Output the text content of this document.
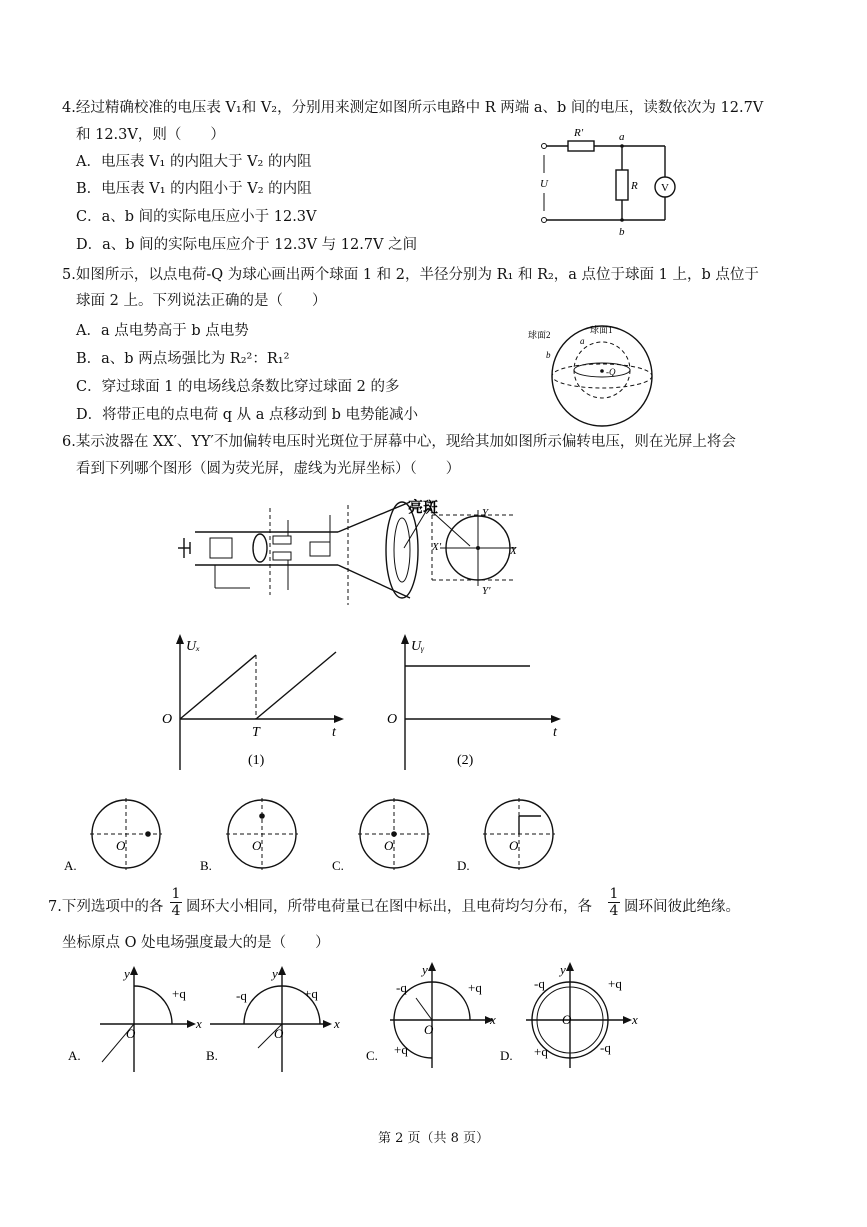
4.经过精确校准的电压表 V₁和 V₂，分别用来测定如图所示电路中 R 两端 a、b 间的电压，读数依次为 12.7V
和 12.3V，则（　　）
A．电压表 V₁ 的内阻大于 V₂ 的内阻
B．电压表 V₁ 的内阻小于 V₂ 的内阻
C．a、b 间的实际电压应小于 12.3V
D．a、b 间的实际电压应介于 12.3V 与 12.7V 之间
R'	a
b
U	R V
5.如图所示，以点电荷-Q 为球心画出两个球面 1 和 2，半径分别为 R₁ 和 R₂，a 点位于球面 1 上，b 点位于
球面 2 上。下列说法正确的是（　　）
A．a 点电势高于 b 点电势
B．a、b 两点场强比为 R₂²：R₁²
C．穿过球面 1 的电场线总条数比穿过球面 2 的多
D．将带正电的点电荷 q 从 a 点移动到 b 电势能减小
球面2	球面1
a
b
-Q
6.某示波器在 XX′、YY′不加偏转电压时光斑位于屏幕中心，现给其加如图所示偏转电压，则在光屏上将会
看到下列哪个图形（圆为荧光屏，虚线为光屏坐标）（　　）
亮斑	Y
Y′
X
X′
Uₓ
O
T	t
(1)
Uᵧ
O
t
(2)
O
A.
O
B.
O
C.
O
D.
7.下列选项中的各
1
4 圆环大小相同，所带电荷量已在图中标出，且电荷均匀分布，各
1
4 圆环间彼此绝缘。
坐标原点 O 处电场强度最大的是（　　）
y
x
+q
O
A.
y
x
+q
-q
O
B.
y
x
+q
-q
+q
O
C.
y
x
+q
-q
+q	-q
O
D.
第 2 页（共 8 页）
